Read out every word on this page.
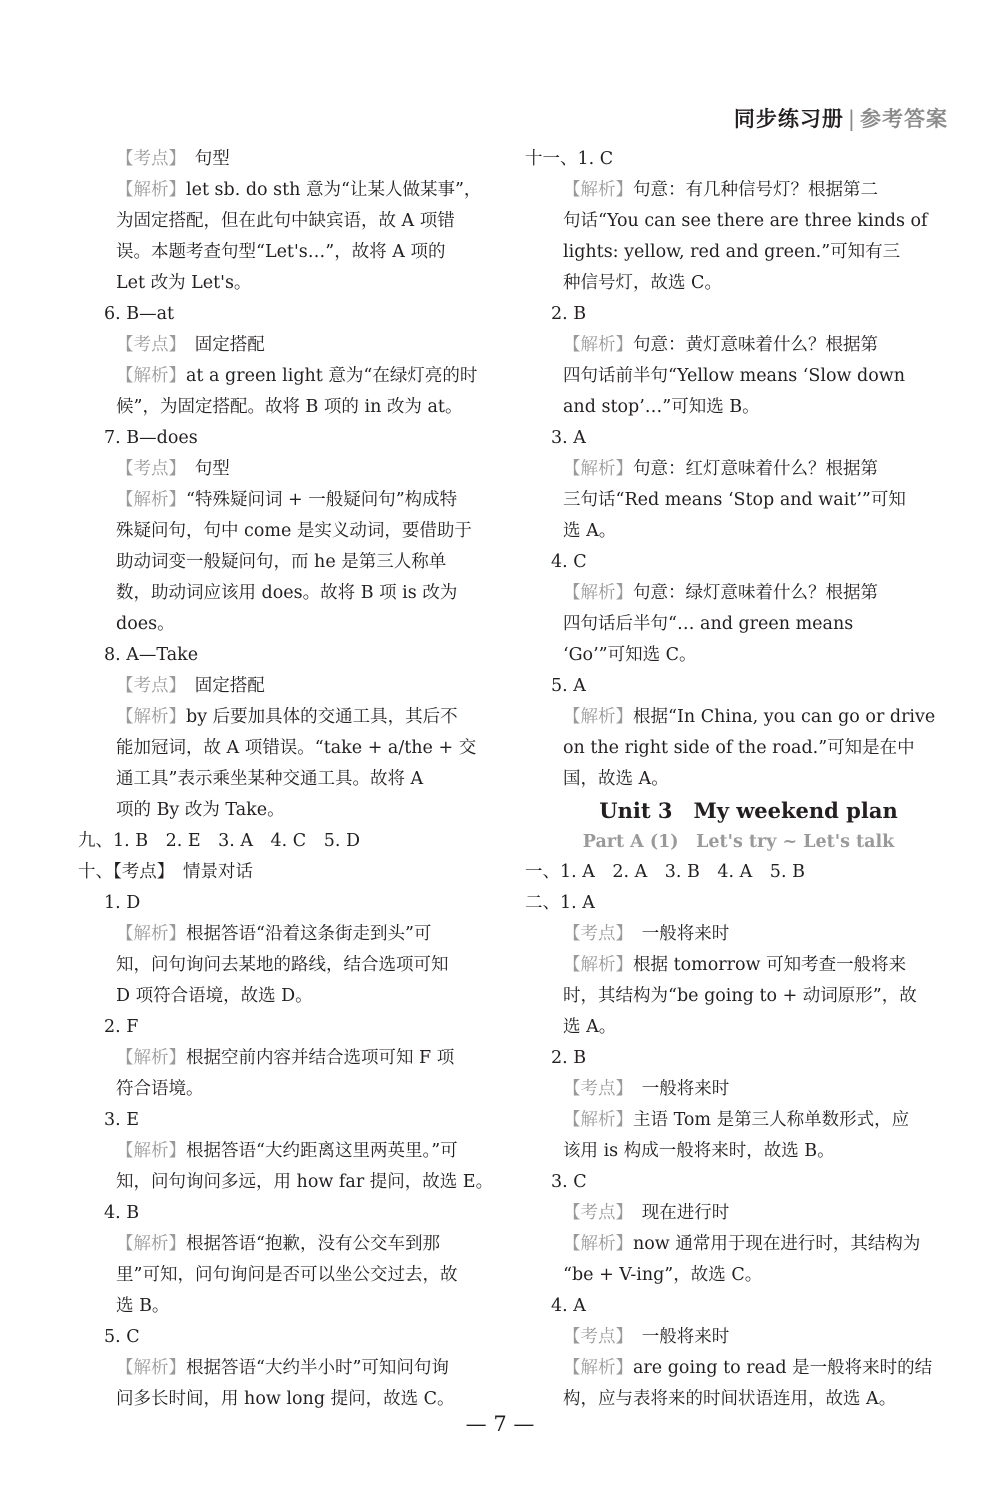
同步练习册 | 参考答案
【考点】　句型
【解析】let sb. do sth 意为“让某人做某事”，
为固定搭配，但在此句中缺宾语，故 A 项错
误。本题考查句型“Let's…”，故将 A 项的
Let 改为 Let's。
6. B—at
【考点】　固定搭配
【解析】at a green light 意为“在绿灯亮的时
候”，为固定搭配。故将 B 项的 in 改为 at。
7. B—does
【考点】　句型
【解析】“特殊疑问词 + 一般疑问句”构成特
殊疑问句，句中 come 是实义动词，要借助于
助动词变一般疑问句，而 he 是第三人称单
数，助动词应该用 does。故将 B 项 is 改为
does。
8. A—Take
【考点】　固定搭配
【解析】by 后要加具体的交通工具，其后不
能加冠词，故 A 项错误。“take + a/the + 交
通工具”表示乘坐某种交通工具。故将 A
项的 By 改为 Take。
九、1. B　2. E　3. A　4. C　5. D
十、【考点】　情景对话
1. D
【解析】根据答语“沿着这条街走到头”可
知，问句询问去某地的路线，结合选项可知
D 项符合语境，故选 D。
2. F
【解析】根据空前内容并结合选项可知 F 项
符合语境。
3. E
【解析】根据答语“大约距离这里两英里。”可
知，问句询问多远，用 how far 提问，故选 E。
4. B
【解析】根据答语“抱歉，没有公交车到那
里”可知，问句询问是否可以坐公交过去，故
选 B。
5. C
【解析】根据答语“大约半小时”可知问句询
问多长时间，用 how long 提问，故选 C。
十一、1. C
【解析】句意：有几种信号灯？根据第二
句话“You can see there are three kinds of
lights: yellow, red and green.”可知有三
种信号灯，故选 C。
2. B
【解析】句意：黄灯意味着什么？根据第
四句话前半句“Yellow means ‘Slow down
and stop’…”可知选 B。
3. A
【解析】句意：红灯意味着什么？根据第
三句话“Red means ‘Stop and wait’”可知
选 A。
4. C
【解析】句意：绿灯意味着什么？根据第
四句话后半句“… and green means
‘Go’”可知选 C。
5. A
【解析】根据“In China, you can go or drive
on the right side of the road.”可知是在中
国，故选 A。
Unit 3　My weekend plan
Part A (1)　Let's try ~ Let's talk
一、1. A　2. A　3. B　4. A　5. B
二、1. A
【考点】　一般将来时
【解析】根据 tomorrow 可知考查一般将来
时，其结构为“be going to + 动词原形”，故
选 A。
2. B
【考点】　一般将来时
【解析】主语 Tom 是第三人称单数形式，应
该用 is 构成一般将来时，故选 B。
3. C
【考点】　现在进行时
【解析】now 通常用于现在进行时，其结构为
“be + V-ing”，故选 C。
4. A
【考点】　一般将来时
【解析】are going to read 是一般将来时的结
构，应与表将来的时间状语连用，故选 A。
— 7 —
